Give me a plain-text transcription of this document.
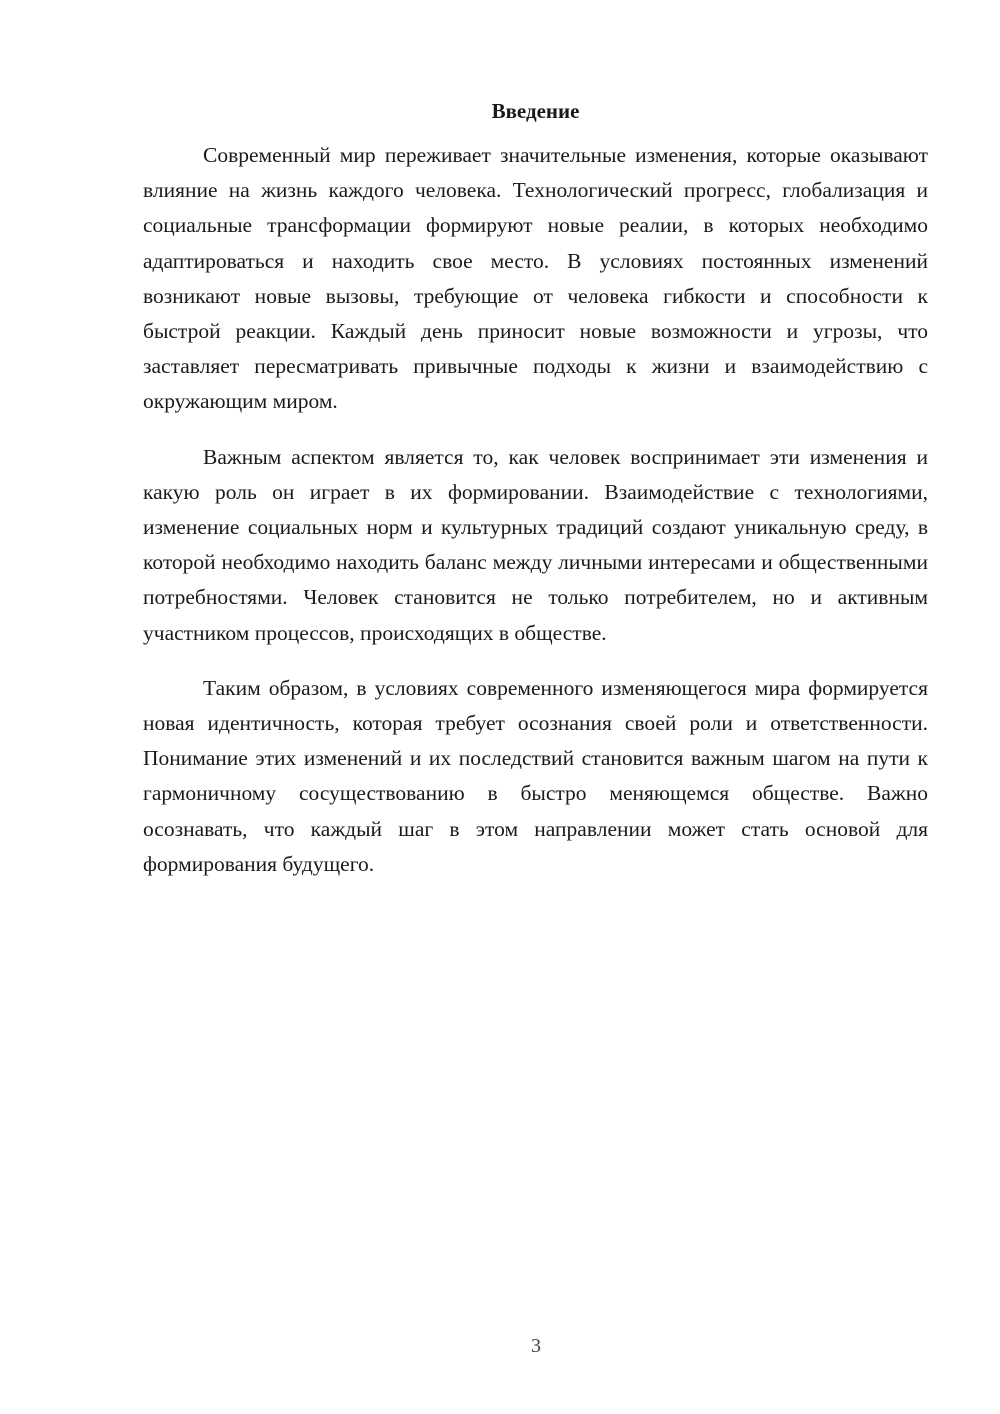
Введение

Современный мир переживает значительные изменения, которые оказывают влияние на жизнь каждого человека. Технологический прогресс, глобализация и социальные трансформации формируют новые реалии, в которых необходимо адаптироваться и находить свое место. В условиях постоянных изменений возникают новые вызовы, требующие от человека гибкости и способности к быстрой реакции. Каждый день приносит новые возможности и угрозы, что заставляет пересматривать привычные подходы к жизни и взаимодействию с окружающим миром.

Важным аспектом является то, как человек воспринимает эти изменения и какую роль он играет в их формировании. Взаимодействие с технологиями, изменение социальных норм и культурных традиций создают уникальную среду, в которой необходимо находить баланс между личными интересами и общественными потребностями. Человек становится не только потребителем, но и активным участником процессов, происходящих в обществе.

Таким образом, в условиях современного изменяющегося мира формируется новая идентичность, которая требует осознания своей роли и ответственности. Понимание этих изменений и их последствий становится важным шагом на пути к гармоничному сосуществованию в быстро меняющемся обществе. Важно осознавать, что каждый шаг в этом направлении может стать основой для формирования будущего.

3
